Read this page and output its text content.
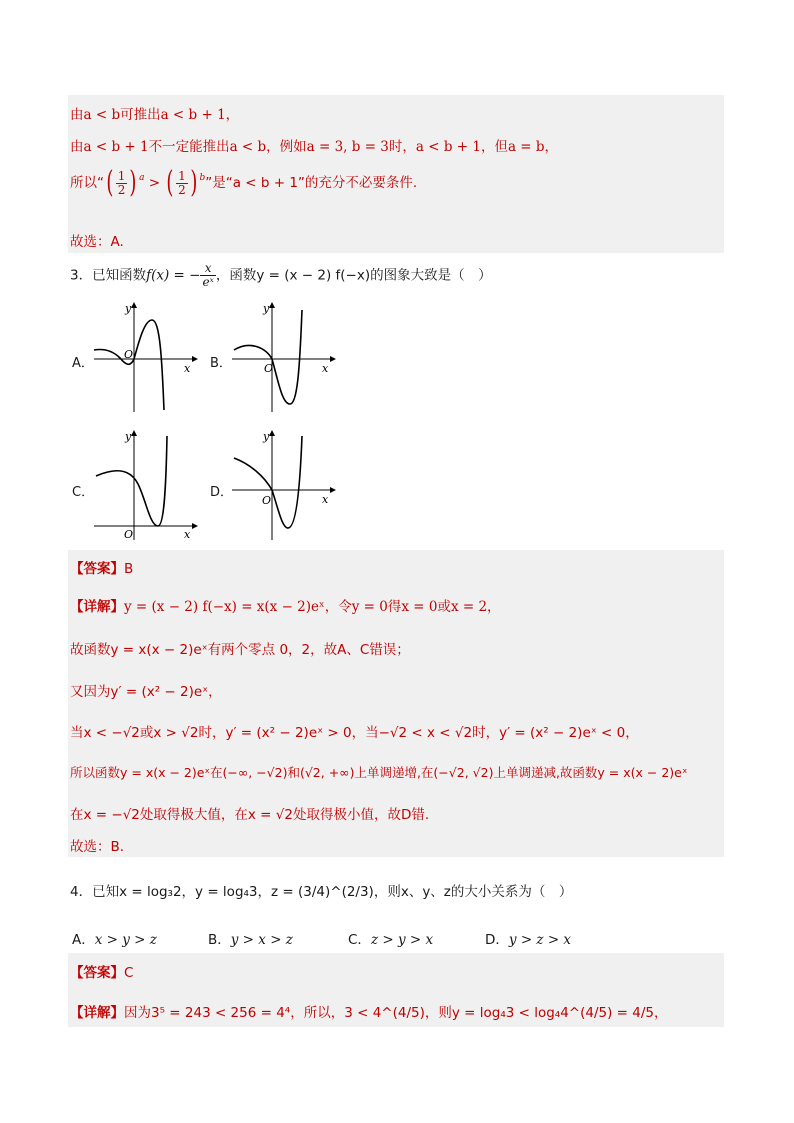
由a < b可推出a < b + 1，
由a < b + 1不一定能推出a < b，例如a = 3, b = 3时，a < b + 1，但a = b，
所以“( $\frac{1}{2}$ ) $^a$ > ( $\frac{1}{2}$ ) $^b$”是“a < b + 1”的充分不必要条件.
故选：A.
3．已知函数f(x) = − $\frac{x}{\text{eˣ}}$ ，函数y = (x − 2) f(−x)的图象大致是（　）
A．
y
x
O
B．
y
x
O
C．
y
x
O
D．
y
x
O
【答案】B
【详解】y = (x − 2) f(−x) = x(x − 2)eˣ，令y = 0得x = 0或x = 2，
故函数y = x(x − 2)eˣ有两个零点 0，2，故A、C错误；
又因为y′ = (x² − 2)eˣ，
当x < −√2或x > √2时，y′ = (x² − 2)eˣ > 0，当−√2 < x < √2时，y′ = (x² − 2)eˣ < 0，
所以函数y = x(x − 2)eˣ在(−∞, −√2)和(√2, +∞)上单调递增,在(−√2, √2)上单调递减,故函数y = x(x − 2)eˣ
在x = −√2处取得极大值，在x = √2处取得极小值，故D错.
故选：B.
4．已知x = log₃2，y = log₄3，z = (3/4)^(2/3)，则x、y、z的大小关系为（　）
A．x > y > z	B．y > x > z	C．z > y > x	D．y > z > x
【答案】C
【详解】因为3⁵ = 243 < 256 = 4⁴，所以，3 < 4^(4/5)，则y = log₄3 < log₄4^(4/5) = 4/5，
